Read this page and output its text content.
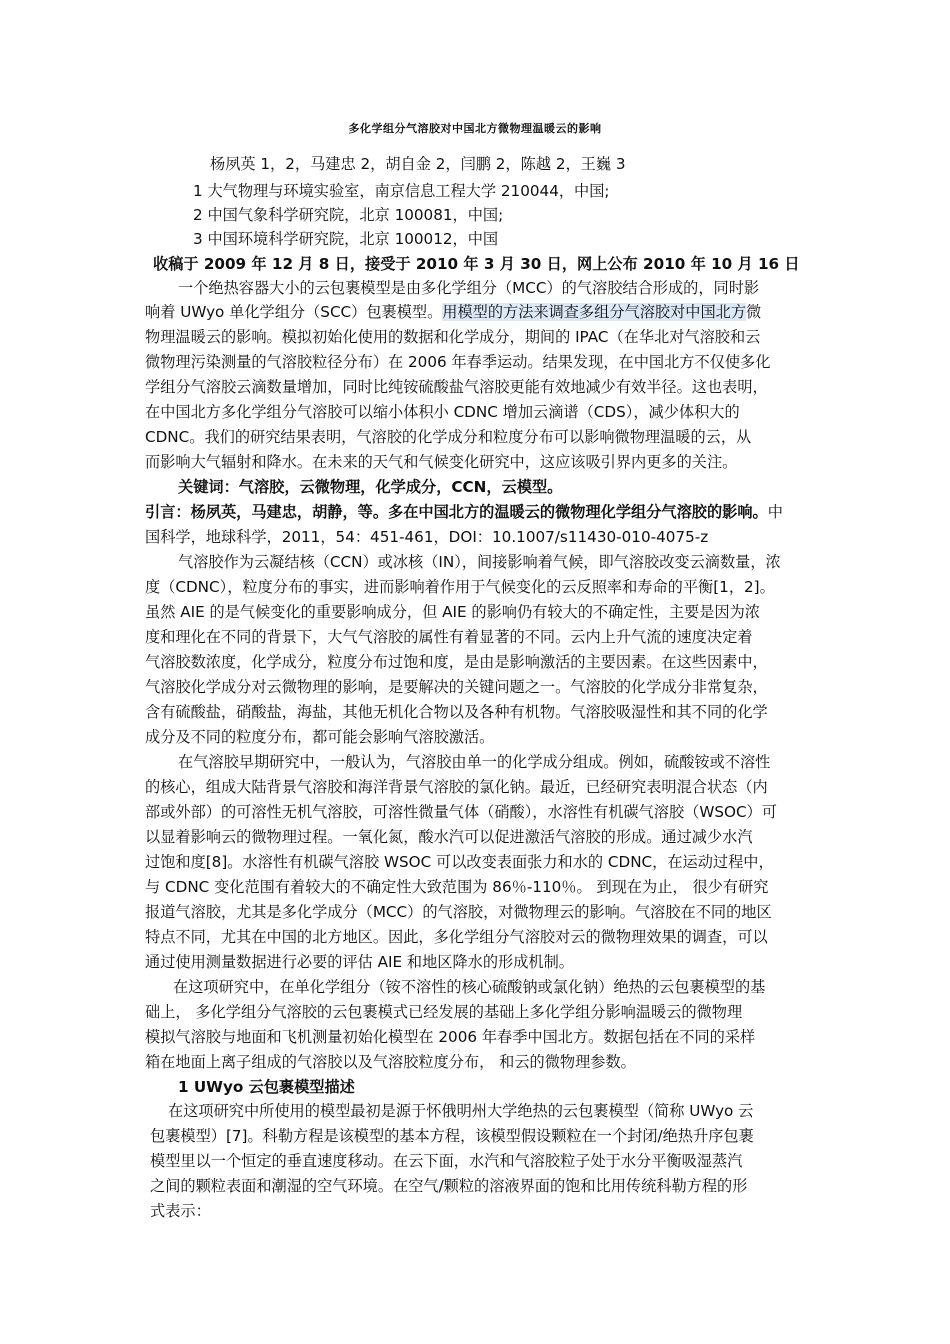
多化学组分气溶胶对中国北方微物理温暖云的影响
杨夙英 1，2，马建忠 2，胡自金 2，闫鹏 2，陈越 2，王巍 3
1 大气物理与环境实验室，南京信息工程大学 210044，中国;
2 中国气象科学研究院，北京 100081，中国;
3 中国环境科学研究院，北京 100012，中国
收稿于 2009 年 12 月 8 日，接受于 2010 年 3 月 30 日，网上公布 2010 年 10 月 16 日
一个绝热容器大小的云包裹模型是由多化学组分（MCC）的气溶胶结合形成的，同时影
响着 UWyo 单化学组分（SCC）包裹模型。用模型的方法来调查多组分气溶胶对中国北方微
物理温暖云的影响。模拟初始化使用的数据和化学成分，期间的 IPAC（在华北对气溶胶和云
微物理污染测量的气溶胶粒径分布）在 2006 年春季运动。结果发现，在中国北方不仅使多化
学组分气溶胶云滴数量增加，同时比纯铵硫酸盐气溶胶更能有效地减少有效半径。这也表明，
在中国北方多化学组分气溶胶可以缩小体积小 CDNC 增加云滴谱（CDS），减少体积大的
CDNC。我们的研究结果表明，气溶胶的化学成分和粒度分布可以影响微物理温暖的云，从
而影响大气辐射和降水。在未来的天气和气候变化研究中，这应该吸引界内更多的关注。
关键词：气溶胶，云微物理，化学成分，CCN，云模型。
引言：杨夙英，马建忠，胡静，等。多在中国北方的温暖云的微物理化学组分气溶胶的影响。中
国科学，地球科学，2011，54：451-461，DOI：10.1007/s11430-010-4075-z
气溶胶作为云凝结核（CCN）或冰核（IN），间接影响着气候，即气溶胶改变云滴数量，浓
度（CDNC），粒度分布的事实，进而影响着作用于气候变化的云反照率和寿命的平衡[1，2]。
虽然 AIE 的是气候变化的重要影响成分，但 AIE 的影响仍有较大的不确定性，主要是因为浓
度和理化在不同的背景下，大气气溶胶的属性有着显著的不同。云内上升气流的速度决定着
气溶胶数浓度，化学成分，粒度分布过饱和度，是由是影响激活的主要因素。在这些因素中，
气溶胶化学成分对云微物理的影响，是要解决的关键问题之一。气溶胶的化学成分非常复杂，
含有硫酸盐，硝酸盐，海盐，其他无机化合物以及各种有机物。气溶胶吸湿性和其不同的化学
成分及不同的粒度分布，都可能会影响气溶胶激活。
在气溶胶早期研究中，一般认为，气溶胶由单一的化学成分组成。例如，硫酸铵或不溶性
的核心，组成大陆背景气溶胶和海洋背景气溶胶的氯化钠。最近，已经研究表明混合状态（内
部或外部）的可溶性无机气溶胶，可溶性微量气体（硝酸），水溶性有机碳气溶胶（WSOC）可
以显着影响云的微物理过程。一氧化氮，酸水汽可以促进激活气溶胶的形成。通过减少水汽
过饱和度[8]。水溶性有机碳气溶胶 WSOC 可以改变表面张力和水的 CDNC，在运动过程中，
与 CDNC 变化范围有着较大的不确定性大致范围为 86％-110％。 到现在为止， 很少有研究
报道气溶胶，尤其是多化学成分（MCC）的气溶胶，对微物理云的影响。气溶胶在不同的地区
特点不同，尤其在中国的北方地区。因此，多化学组分气溶胶对云的微物理效果的调查，可以
通过使用测量数据进行必要的评估 AIE 和地区降水的形成机制。
在这项研究中，在单化学组分（铵不溶性的核心硫酸钠或氯化钠）绝热的云包裹模型的基
础上， 多化学组分气溶胶的云包裹模式已经发展的基础上多化学组分影响温暖云的微物理
模拟气溶胶与地面和飞机测量初始化模型在 2006 年春季中国北方。数据包括在不同的采样
箱在地面上离子组成的气溶胶以及气溶胶粒度分布， 和云的微物理参数。
1 UWyo 云包裹模型描述
在这项研究中所使用的模型最初是源于怀俄明州大学绝热的云包裹模型（简称 UWyo 云
包裹模型）[7]。科勒方程是该模型的基本方程，该模型假设颗粒在一个封闭/绝热升序包裹
模型里以一个恒定的垂直速度移动。在云下面，水汽和气溶胶粒子处于水分平衡吸湿蒸汽
之间的颗粒表面和潮湿的空气环境。在空气/颗粒的溶液界面的饱和比用传统科勒方程的形
式表示：
